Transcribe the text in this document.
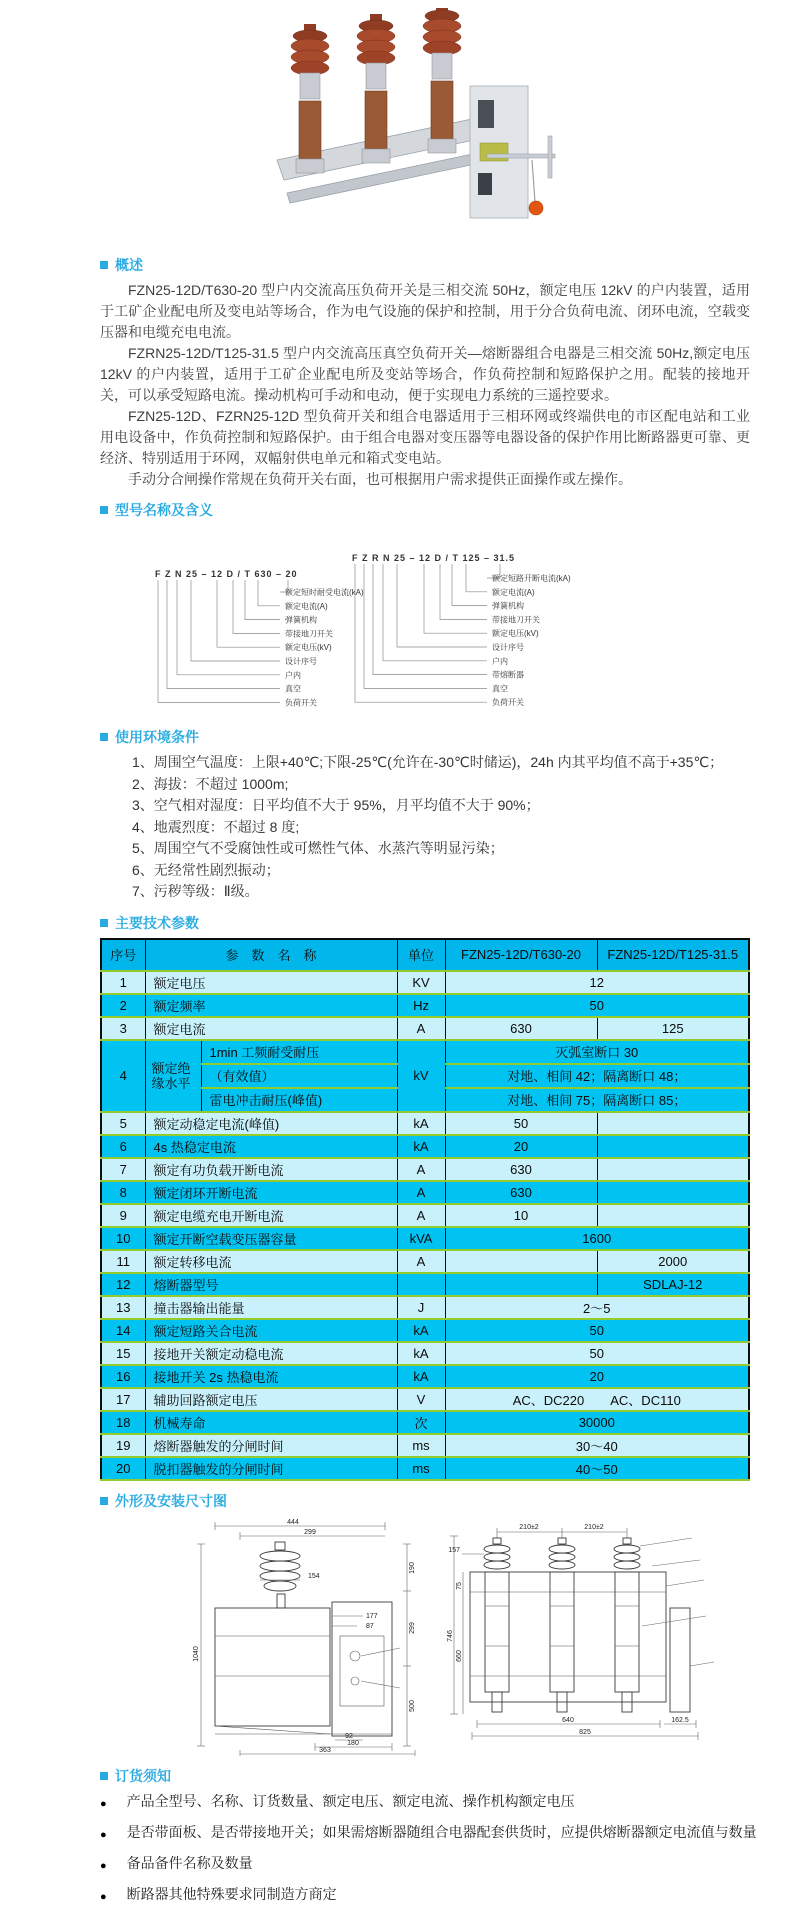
概述

FZN25-12D/T630-20 型户内交流高压负荷开关是三相交流 50Hz，额定电压 12kV 的户内装置，适用于工矿企业配电所及变电站等场合，作为电气设施的保护和控制，用于分合负荷电流、闭环电流，空载变压器和电缆充电电流。

FZRN25-12D/T125-31.5 型户内交流高压真空负荷开关—熔断器组合电器是三相交流 50Hz,额定电压 12kV 的户内装置，适用于工矿企业配电所及变站等场合，作负荷控制和短路保护之用。配装的接地开关，可以承受短路电流。操动机构可手动和电动，便于实现电力系统的三遥控要求。

FZN25-12D、FZRN25-12D 型负荷开关和组合电器适用于三相环网或终端供电的市区配电站和工业用电设备中，作负荷控制和短路保护。由于组合电器对变压器等电器设备的保护作用比断路器更可靠、更经济、特别适用于环网，双幅射供电单元和箱式变电站。

手动分合闸操作常规在负荷开关右面，也可根据用户需求提供正面操作或左操作。

型号名称及含义
F Z N 25 – 12 D / T 630 – 20
额定短时耐受电流(kA)
额定电流(A)
弹簧机构
带接地刀开关
额定电压(kV)
设计序号
户内
真空
负荷开关
F Z R N 25 – 12 D / T 125 – 31.5
额定短路开断电流(kA)
额定电流(A)
弹簧机构
带接地刀开关
额定电压(kV)
设计序号
户内
带熔断器
真空
负荷开关
使用环境条件
1、周围空气温度：上限+40℃;下限-25℃(允许在-30℃时储运)，24h 内其平均值不高于+35℃；
2、海拔：不超过 1000m;
3、空气相对湿度：日平均值不大于 95%，月平均值不大于 90%；
4、地震烈度：不超过 8 度;
5、周围空气不受腐蚀性或可燃性气体、水蒸汽等明显污染；
6、无经常性剧烈振动；
7、污秽等级：Ⅱ级。
主要技术参数
序号	参　数　名　称		单位	FZN25-12D/T630-20	FZN25-12D/T125-31.5
1	额定电压		KV	12	
2	额定频率		Hz	50	
3	额定电流		A	630	125
4	额定绝缘水平	1min 工频耐受耐压	kV	灭弧室断口 30	
		（有效值）		对地、相间 42；隔离断口 48；	
		雷电冲击耐压(峰值)		对地、相间 75；隔离断口 85；	
5	额定动稳定电流(峰值)		kA	50	
6	4s 热稳定电流		kA	20	
7	额定有功负载开断电流		A	630	
8	额定闭环开断电流		A	630	
9	额定电缆充电开断电流		A	10	
10	额定开断空载变压器容量		kVA	1600	
11	额定转移电流		A		2000
12	熔断器型号				SDLAJ-12
13	撞击器输出能量		J	2～5	
14	额定短路关合电流		kA	50	
15	接地开关额定动稳电流		kA	50	
16	接地开关 2s 热稳电流		kA	20	
17	辅助回路额定电压		V	AC、DC220　　AC、DC110	
18	机械寿命		次	30000	
19	熔断器触发的分闸时间		ms	30～40	
20	脱扣器触发的分闸时间		ms	40～50	
外形及安装尺寸图
444
299
154
1040
190
299
500
177
87
92
180
363
210±2	210±2
157
746
660
75
640	162.5
825
订货须知
● 产品全型号、名称、订货数量、额定电压、额定电流、操作机构额定电压
● 是否带面板、是否带接地开关；如果需熔断器随组合电器配套供货时，应提供熔断器额定电流值与数量
● 备品备件名称及数量
● 断路器其他特殊要求同制造方商定
